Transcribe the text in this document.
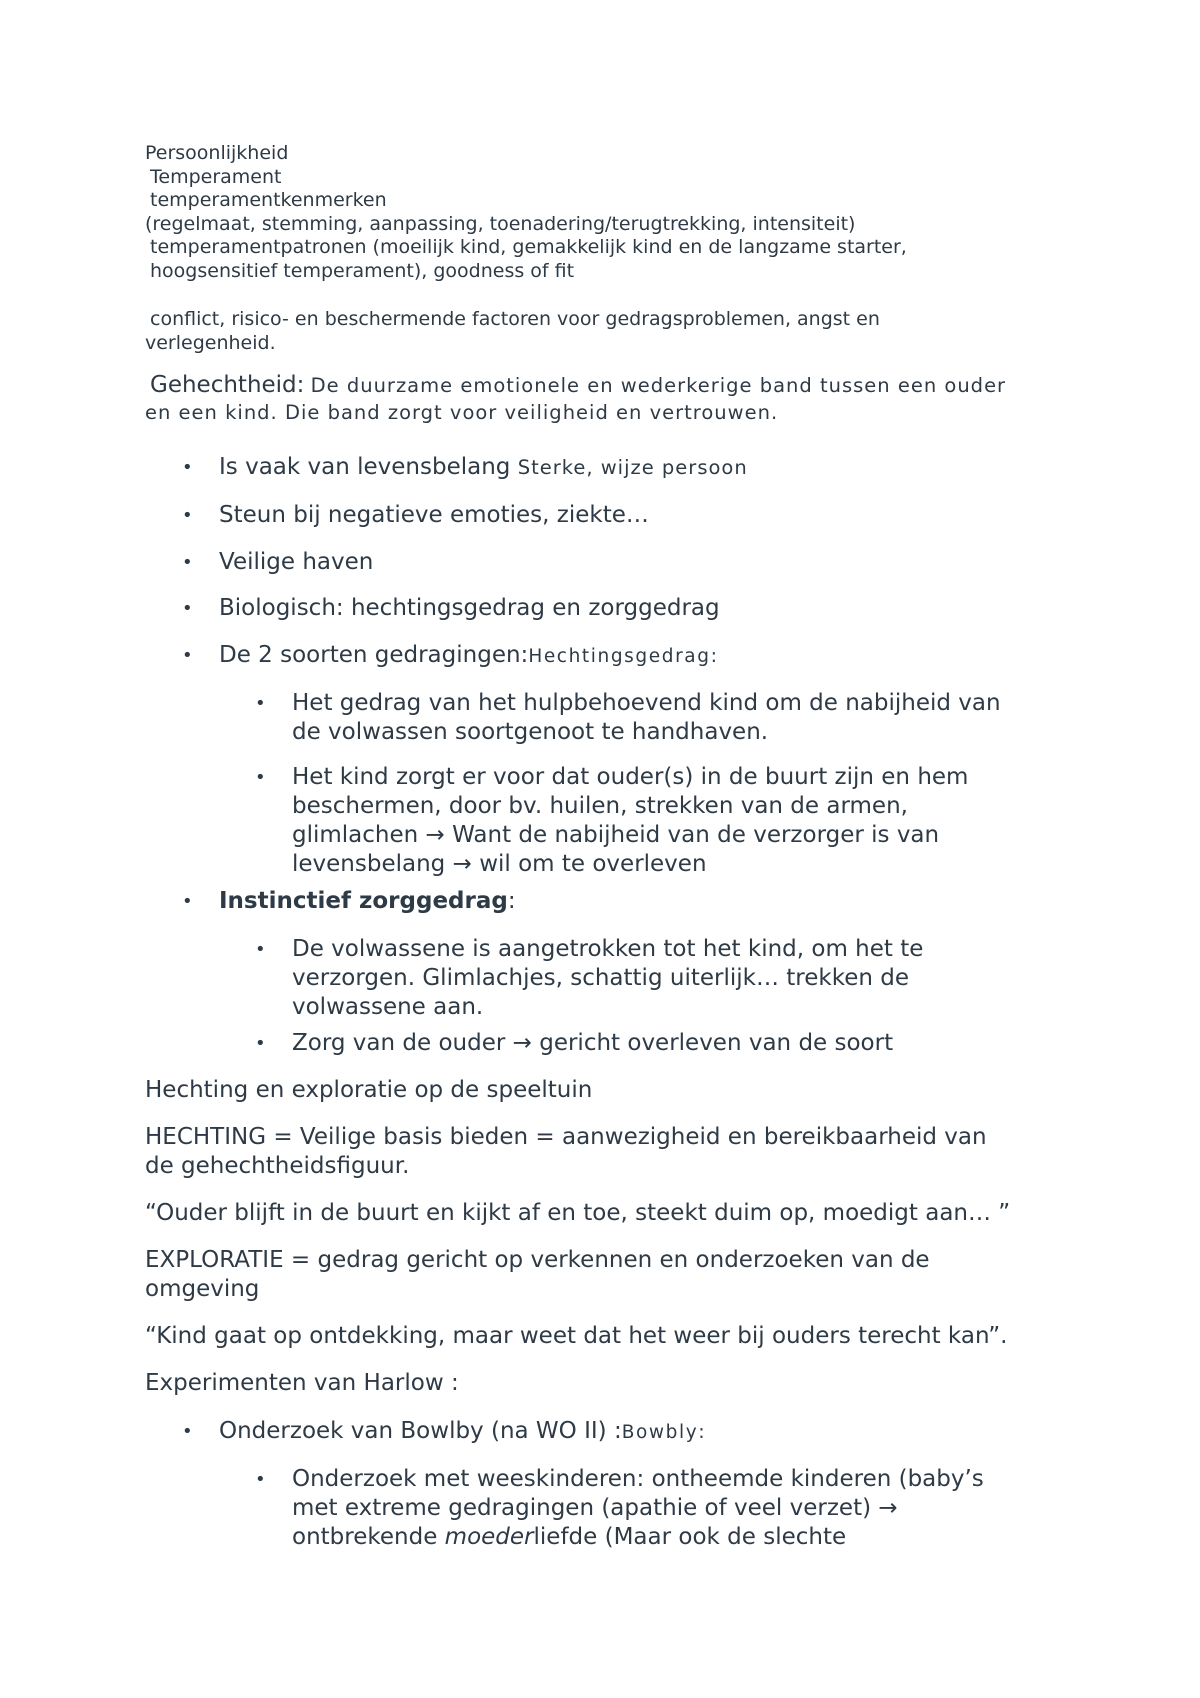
Persoonlijkheid
Temperament
temperamentkenmerken
(regelmaat, stemming, aanpassing, toenadering/terugtrekking, intensiteit)
temperamentpatronen (moeilijk kind, gemakkelijk kind en de langzame starter,
hoogsensitief temperament), goodness of fit
conflict, risico- en beschermende factoren voor gedragsproblemen, angst en
verlegenheid.
Gehechtheid: De duurzame emotionele en wederkerige band tussen een ouder
en een kind. Die band zorgt voor veiligheid en vertrouwen.
• Is vaak van levensbelang Sterke, wijze persoon
• Steun bij negatieve emoties, ziekte…
• Veilige haven
• Biologisch: hechtingsgedrag en zorggedrag
• De 2 soorten gedragingen:Hechtingsgedrag:
• Het gedrag van het hulpbehoevend kind om de nabijheid van
de volwassen soortgenoot te handhaven.
• Het kind zorgt er voor dat ouder(s) in de buurt zijn en hem
beschermen, door bv. huilen, strekken van de armen,
glimlachen → Want de nabijheid van de verzorger is van
levensbelang → wil om te overleven
• Instinctief zorggedrag:
• De volwassene is aangetrokken tot het kind, om het te
verzorgen. Glimlachjes, schattig uiterlijk… trekken de
volwassene aan.
• Zorg van de ouder → gericht overleven van de soort
Hechting en exploratie op de speeltuin
HECHTING = Veilige basis bieden = aanwezigheid en bereikbaarheid van
de gehechtheidsfiguur.
“Ouder blijft in de buurt en kijkt af en toe, steekt duim op, moedigt aan… ”
EXPLORATIE = gedrag gericht op verkennen en onderzoeken van de
omgeving
“Kind gaat op ontdekking, maar weet dat het weer bij ouders terecht kan”.
Experimenten van Harlow :
• Onderzoek van Bowlby (na WO II) :Bowbly:
• Onderzoek met weeskinderen: ontheemde kinderen (baby’s
met extreme gedragingen (apathie of veel verzet) →
ontbrekende moederliefde (Maar ook de slechte
